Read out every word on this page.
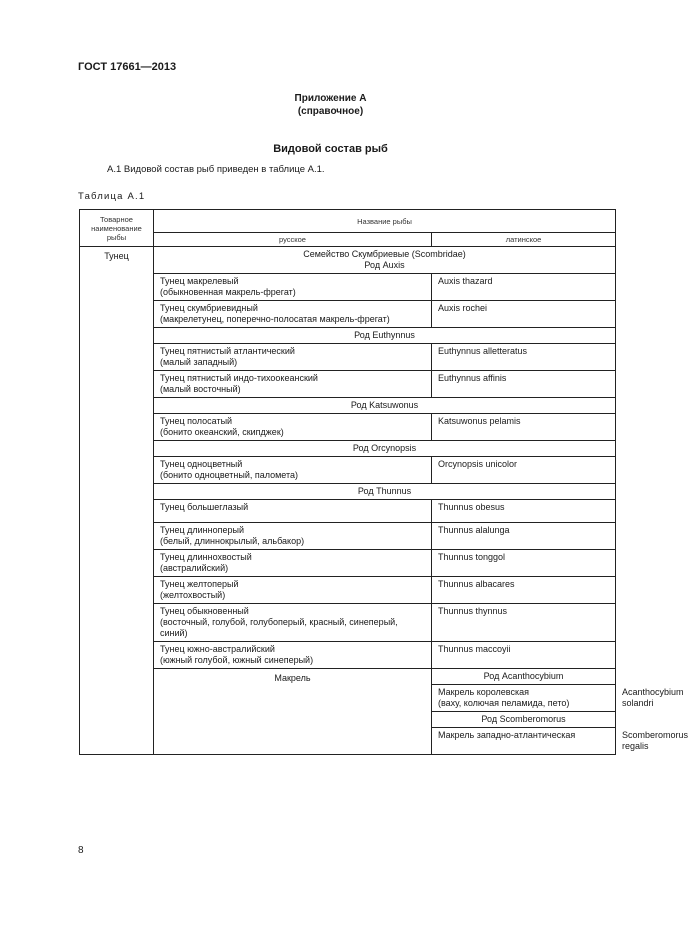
ГОСТ 17661—2013
Приложение А
(справочное)
Видовой состав рыб
А.1 Видовой состав рыб приведен в таблице А.1.
Таблица А.1
Товарное наименование рыбы	Название рыбы		
	русское	латинское	
Тунец	Семейство Скумбриевые (Scombridae)
Род Auxis		

	Тунец макрелевый
(обыкновенная макрель-фрегат)	Auxis thazard	

	Тунец скумбриевидный
(макрелетунец, поперечно-полосатая макрель-фрегат)	Auxis rochei	
	Род Euthynnus		

	Тунец пятнистый атлантический
(малый западный)	Euthynnus alletteratus	

	Тунец пятнистый индо-тихоокеанский
(малый восточный)	Euthynnus affinis	
	Род Katsuwonus		

	Тунец полосатый
(бонито океанский, скипджек)	Katsuwonus pelamis	
	Род Orcynopsis		

	Тунец одноцветный
(бонито одноцветный, паломета)	Orcynopsis unicolor	
	Род Thunnus		
	Тунец большеглазый	Thunnus obesus	

	Тунец длинноперый
(белый, длиннокрылый, альбакор)	Thunnus alalunga	

	Тунец длиннохвостый
(австралийский)	Thunnus tonggol	

	Тунец желтоперый
(желтохвостый)	Thunnus albacares	

	Тунец обыкновенный
(восточный, голубой, голубоперый, красный, синеперый,
синий)	Thunnus thynnus	

	Тунец южно-австралийский
(южный голубой, южный синеперый)	Thunnus maccoyii	
	Макрель	Род Acanthocybium	

		Макрель королевская
(ваху, колючая пеламида, пето)	Acanthocybium solandri
		Род Scomberomorus	
		Макрель западно-атлантическая	Scomberomorus regalis
8
